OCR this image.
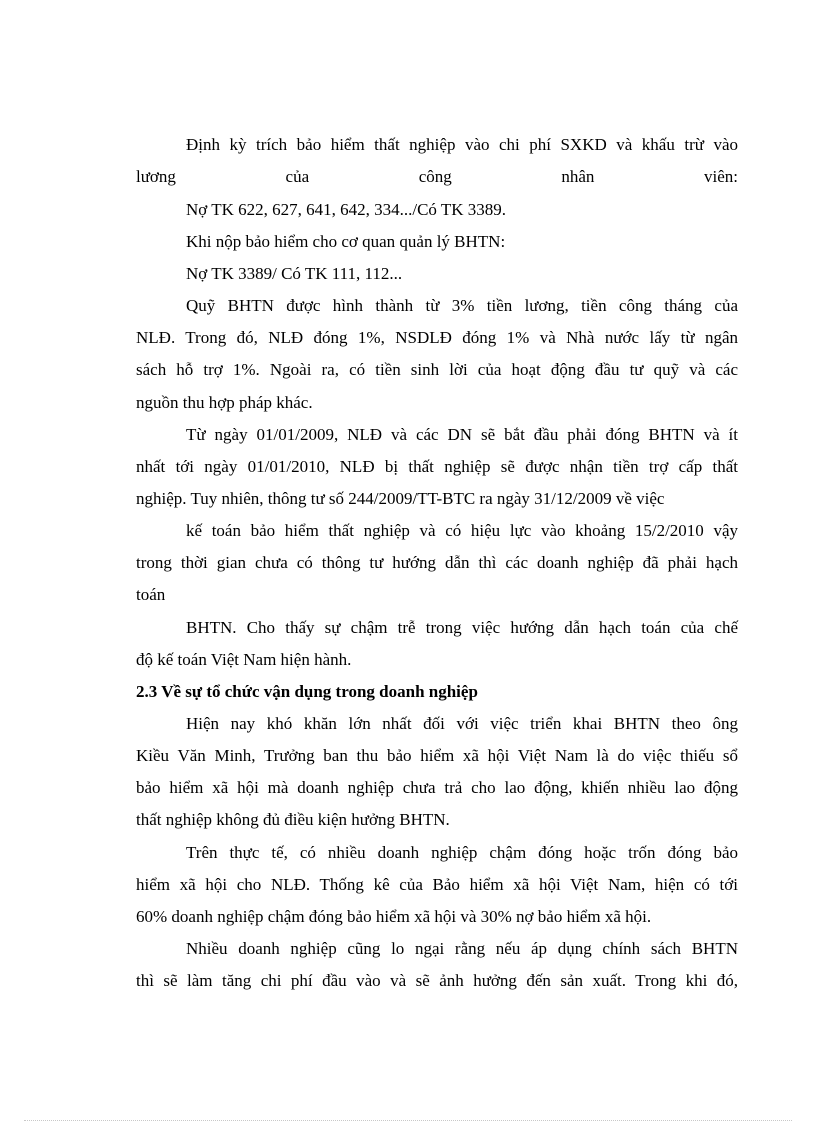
Định kỳ trích bảo hiểm thất nghiệp vào chi phí SXKD và khấu trừ vào
lương	của	công	nhân	viên:
Nợ TK 622, 627, 641, 642, 334.../Có TK 3389.
Khi nộp bảo hiểm cho cơ quan quản lý BHTN:
Nợ TK 3389/ Có TK 111, 112...
Quỹ BHTN được hình thành từ 3% tiền lương, tiền công tháng của
NLĐ. Trong đó, NLĐ đóng 1%, NSDLĐ đóng 1% và Nhà nước lấy từ ngân
sách hỗ trợ 1%. Ngoài ra, có tiền sinh lời của hoạt động đầu tư quỹ và các
nguồn thu hợp pháp khác.
Từ ngày 01/01/2009, NLĐ và các DN sẽ bắt đầu phải đóng BHTN và ít
nhất tới ngày 01/01/2010, NLĐ bị thất nghiệp sẽ được nhận tiền trợ cấp thất
nghiệp. Tuy nhiên, thông tư số 244/2009/TT-BTC ra ngày 31/12/2009 về việc
kế toán bảo hiểm thất nghiệp và có hiệu lực vào khoảng 15/2/2010 vậy
trong thời gian chưa có thông tư hướng dẫn thì các doanh nghiệp đã phải hạch
toán
BHTN. Cho thấy sự chậm trễ trong việc hướng dẫn hạch toán của chế
độ kế toán Việt Nam hiện hành.
2.3 Về sự tổ chức vận dụng trong doanh nghiệp
Hiện nay khó khăn lớn nhất đối với việc triển khai BHTN theo ông
Kiều Văn Minh, Trưởng ban thu bảo hiểm xã hội Việt Nam là do việc thiếu sổ
bảo hiểm xã hội mà doanh nghiệp chưa trả cho lao động, khiến nhiều lao động
thất nghiệp không đủ điều kiện hưởng BHTN.
Trên thực tế, có nhiều doanh nghiệp chậm đóng hoặc trốn đóng bảo
hiểm xã hội cho NLĐ. Thống kê của Bảo hiểm xã hội Việt Nam, hiện có tới
60% doanh nghiệp chậm đóng bảo hiểm xã hội và 30% nợ bảo hiểm xã hội.
Nhiều doanh nghiệp cũng lo ngại rằng nếu áp dụng chính sách BHTN
thì sẽ làm tăng chi phí đầu vào và sẽ ảnh hưởng đến sản xuất. Trong khi đó,
